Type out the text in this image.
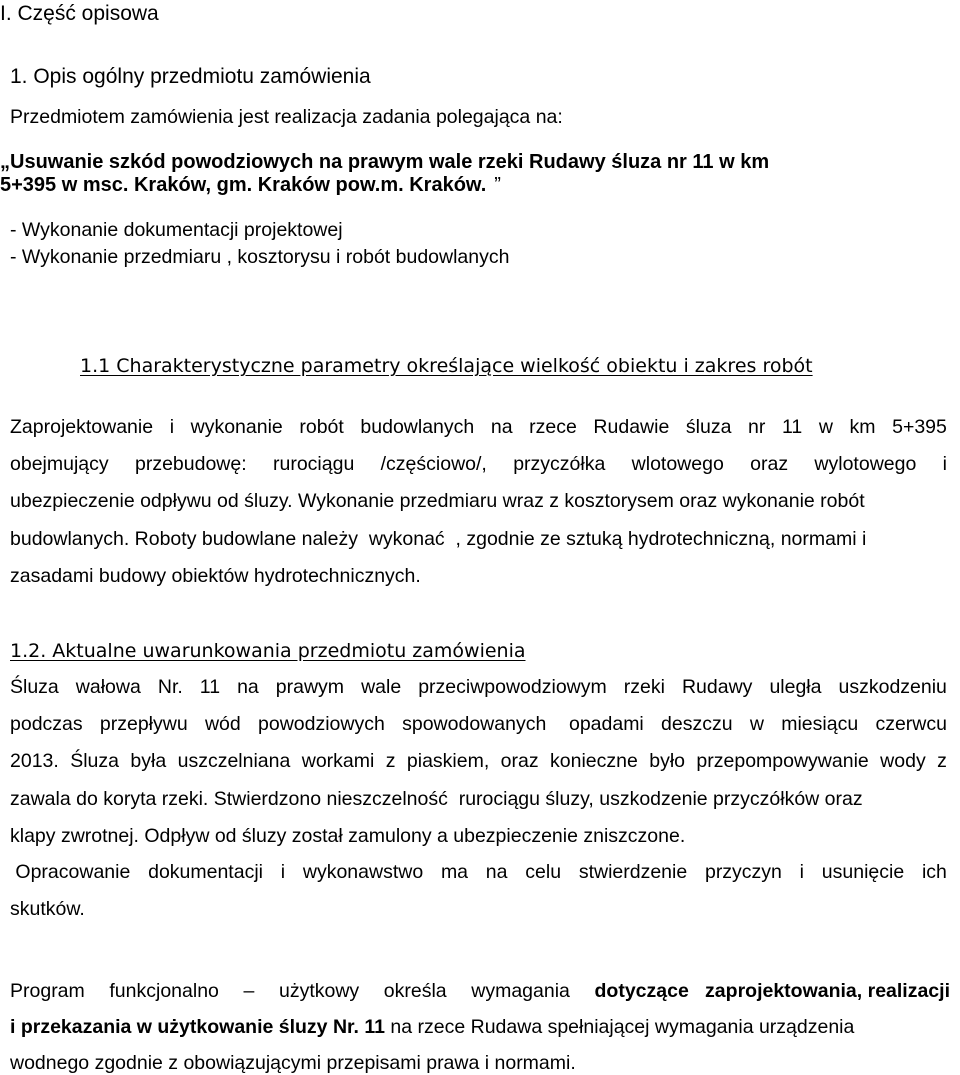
I. Część opisowa
1. Opis ogólny przedmiotu zamówienia
Przedmiotem zamówienia jest realizacja zadania polegająca na:
„Usuwanie szkód powodziowych na prawym wale rzeki Rudawy śluza nr 11 w km
5+395 w msc. Kraków, gm. Kraków pow.m. Kraków. ”
- Wykonanie dokumentacji projektowej
- Wykonanie przedmiaru , kosztorysu i robót budowlanych
1.1 Charakterystyczne parametry określające wielkość obiektu i zakres robót
Zaprojektowanie i wykonanie robót budowlanych na rzece Rudawie śluza nr 11 w km 5+395
obejmujący przebudowę: rurociągu /częściowo/, przyczółka wlotowego oraz wylotowego i
ubezpieczenie odpływu od śluzy. Wykonanie przedmiaru wraz z kosztorysem oraz wykonanie robót
budowlanych. Roboty budowlane należy  wykonać  , zgodnie ze sztuką hydrotechniczną, normami i
zasadami budowy obiektów hydrotechnicznych.
1.2. Aktualne uwarunkowania przedmiotu zamówienia
Śluza wałowa Nr. 11 na prawym wale przeciwpowodziowym rzeki Rudawy uległa uszkodzeniu
podczas przepływu wód powodziowych spowodowanych opadami deszczu w miesiącu czerwcu
2013. Śluza była uszczelniana workami z piaskiem, oraz konieczne było przepompowywanie wody z
zawala do koryta rzeki. Stwierdzono nieszczelność  rurociągu śluzy, uszkodzenie przyczółków oraz
klapy zwrotnej. Odpływ od śluzy został zamulony a ubezpieczenie zniszczone.
Opracowanie dokumentacji i wykonawstwo ma na celu stwierdzenie przyczyn i usunięcie ich
skutków.
Program funkcjonalno – użytkowy określa wymagania dotyczące   zaprojektowania, realizacji
i przekazania w użytkowanie śluzy Nr. 11 na rzece Rudawa spełniającej wymagania urządzenia
wodnego zgodnie z obowiązującymi przepisami prawa i normami.
